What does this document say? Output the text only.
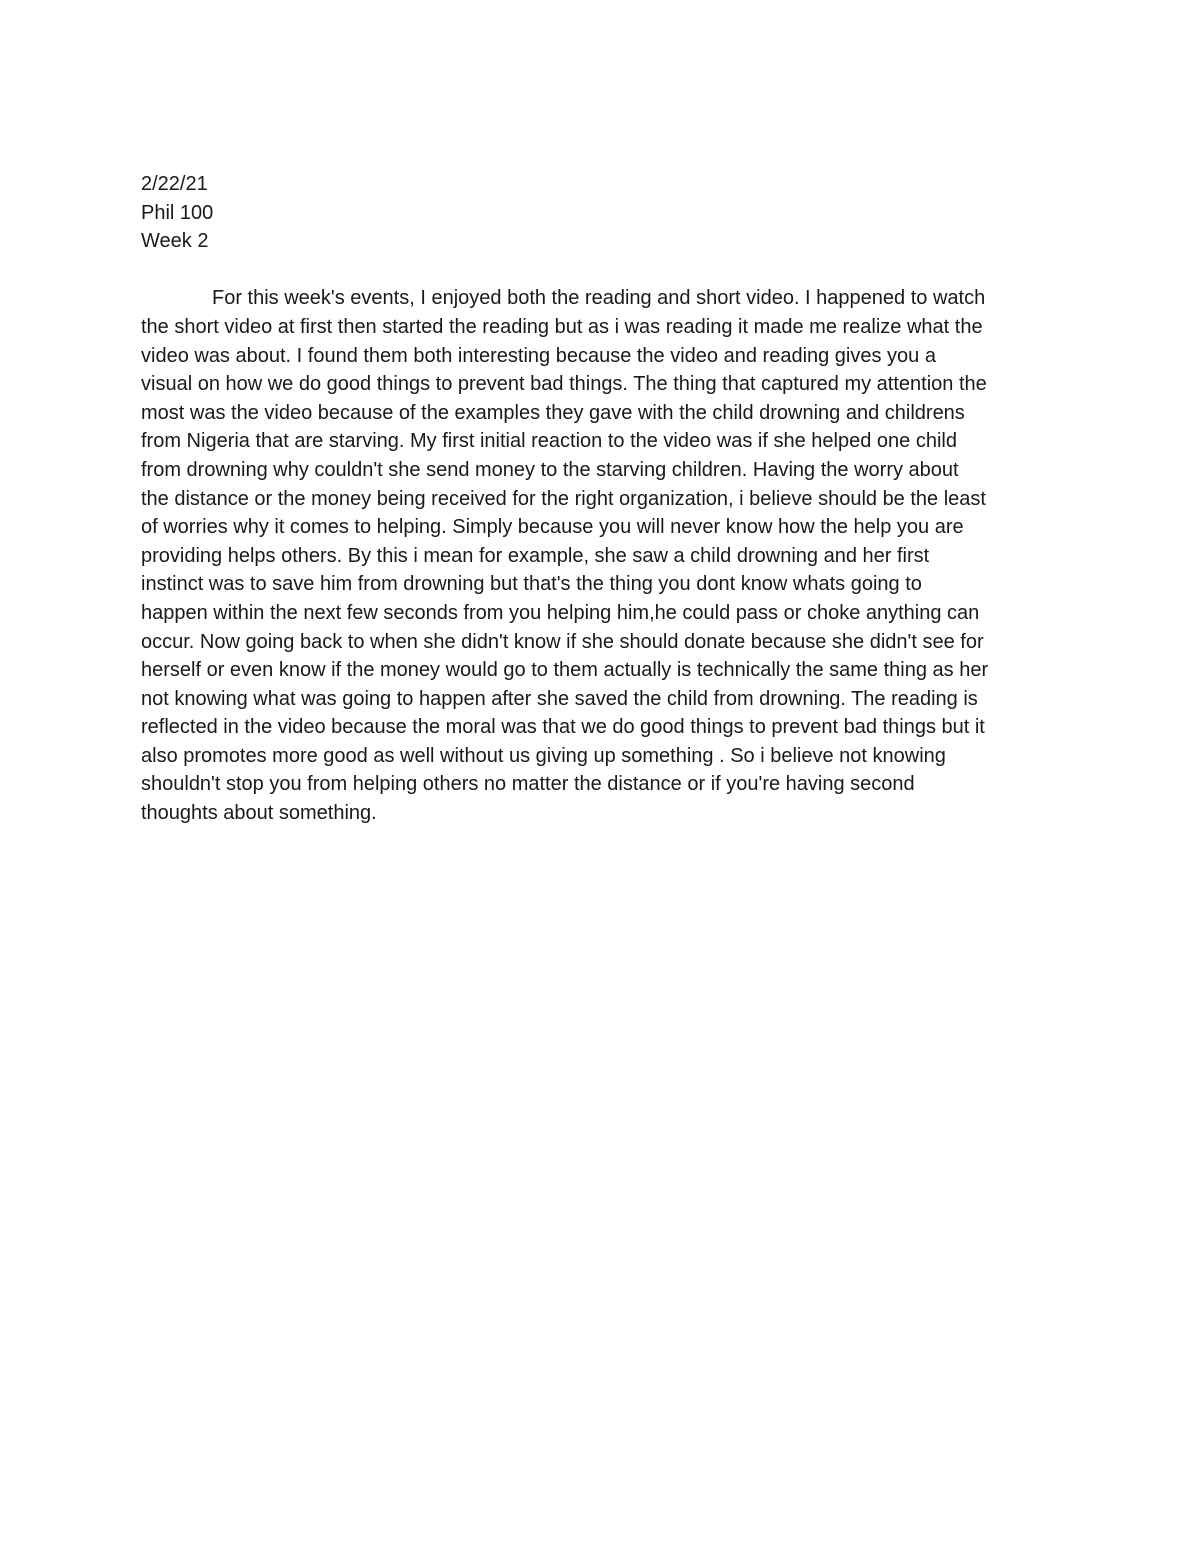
2/22/21
Phil 100
Week 2
For this week's events, I enjoyed both the reading and short video. I happened to watch
the short video at first then started the reading but as i was reading it made me realize what the
video was about. I found them both interesting because the video and reading gives you a
visual on how we do good things to prevent bad things. The thing that captured my attention the
most was the video because of the examples they gave with the child drowning and childrens
from Nigeria that are starving. My first initial reaction to the video was if she helped one child
from drowning why couldn't she send money to the starving children. Having the worry about
the distance or the money being received for the right organization, i believe should be the least
of worries why it comes to helping. Simply because you will never know how the help you are
providing helps others. By this i mean for example, she saw a child drowning and her first
instinct was to save him from drowning but that's the thing you dont know whats going to
happen within the next few seconds from you helping him,he could pass or choke anything can
occur. Now going back to when she didn't know if she should donate because she didn't see for
herself or even know if the money would go to them actually is technically the same thing as her
not knowing what was going to happen after she saved the child from drowning. The reading is
reflected in the video because the moral was that we do good things to prevent bad things but it
also promotes more good as well without us giving up something . So i believe not knowing
shouldn't stop you from helping others no matter the distance or if you're having second
thoughts about something.
